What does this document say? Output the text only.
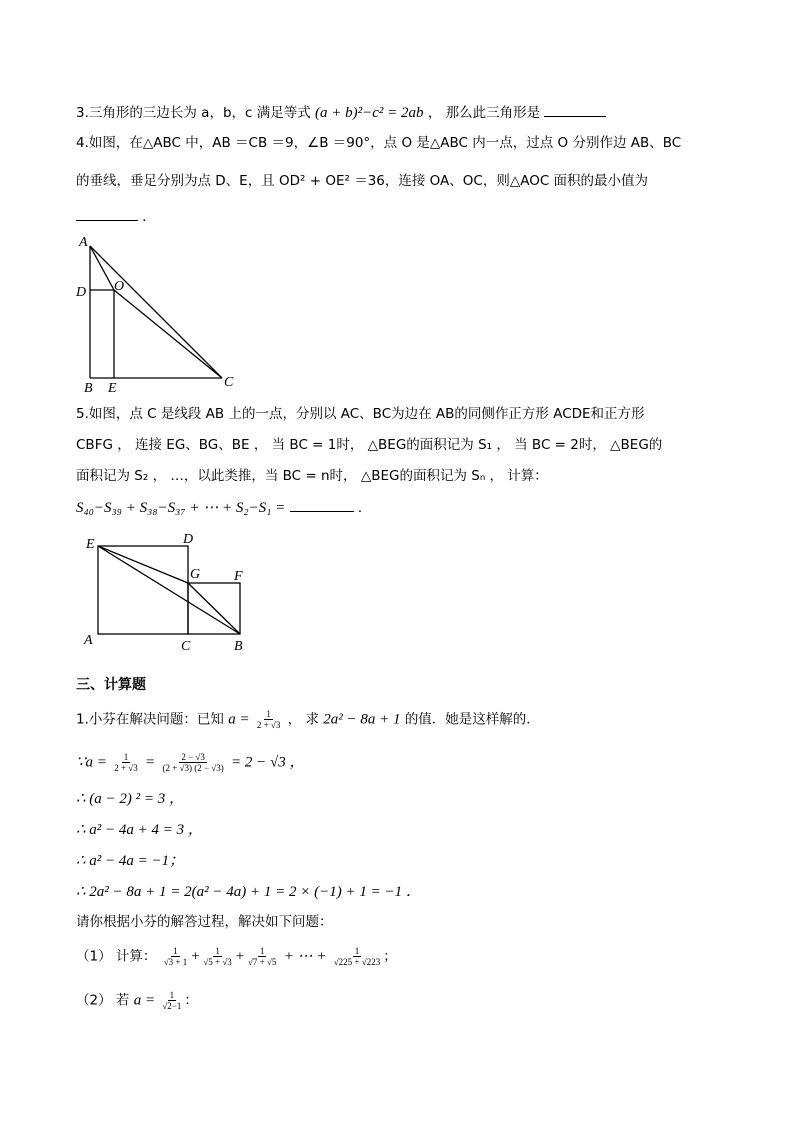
3.三角形的三边长为 a，b，c 满足等式 (a + b)²−c² = 2ab ， 那么此三角形是
4.如图，在△ABC 中，AB ＝CB ＝9，∠B ＝90°，点 O 是△ABC 内一点，过点 O 分别作边 AB、BC
的垂线，垂足分别为点 D、E，且 OD² + OE² ＝36，连接 OA、OC，则△AOC 面积的最小值为
．
A
D O
B E	C
5.如图，点 C 是线段 AB 上的一点，分别以 AC、BC为边在 AB的同侧作正方形 ACDE和正方形
CBFG ， 连接 EG、BG、BE ， 当 BC = 1时， △BEG的面积记为 S₁ ， 当 BC = 2时， △BEG的
面积记为 S₂ ， …，以此类推，当 BC = n时， △BEG的面积记为 Sₙ ， 计算：
S₄₀−S₃₉ + S₃₈−S₃₇ + ⋯ + S₂−S₁ =	．
E	D
G F
A	C	B
三、计算题
1.小芬在解决问题：已知 $a = \frac{1}{2 + √3}$ ， 求 2a² − 8a + 1 的值．她是这样解的．
∵a = $\frac{1}{2 + √3} = \frac{2 - √3}{(2 + √3) (2 - √3)} = 2 - √3$ ，
∴ (a − 2) ² = 3 ，
∴ a² − 4a + 4 = 3 ，
∴ a² − 4a = −1；
∴ 2a² − 8a + 1 = 2(a² − 4a) + 1 = 2 × (−1) + 1 = −1 ．
请你根据小芬的解答过程，解决如下问题：
（1） 计算： $\frac{1}{√3 + 1} + \frac{1}{√5 + √3} + \frac{1}{√7 + √5}$ + ⋯ + $\frac{1}{√225 + √223}$ ；
（2） 若 $a = \frac{1}{√2-1}$ ：
